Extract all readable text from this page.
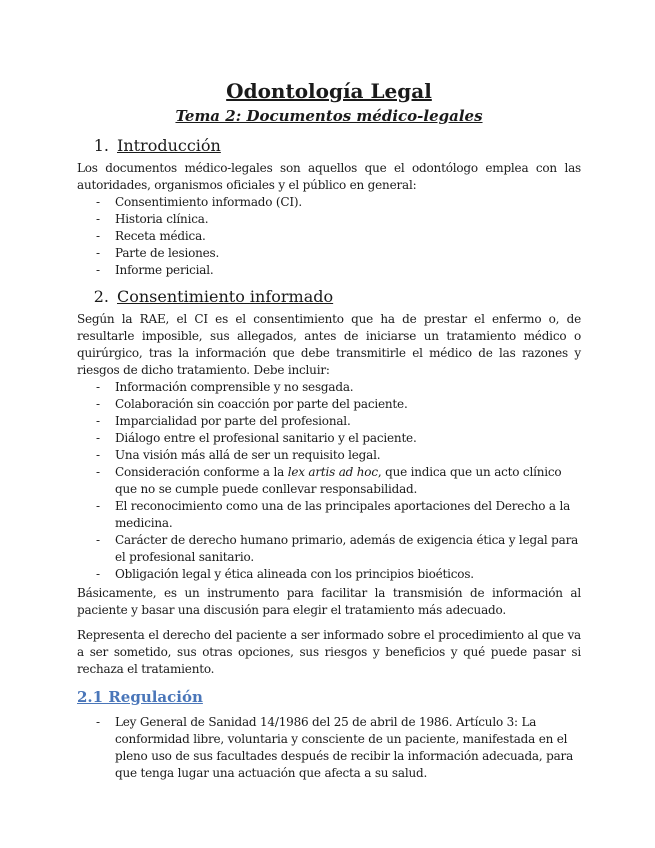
Odontología Legal
Tema 2: Documentos médico-legales
1. Introducción

Los documentos médico-legales son aquellos que el odontólogo emplea con las autoridades, organismos oficiales y el público en general:

- Consentimiento informado (CI).
- Historia clínica.
- Receta médica.
- Parte de lesiones.
- Informe pericial.
2. Consentimiento informado

Según la RAE, el CI es el consentimiento que ha de prestar el enfermo o, de resultarle imposible, sus allegados, antes de iniciarse un tratamiento médico o quirúrgico, tras la información que debe transmitirle el médico de las razones y riesgos de dicho tratamiento. Debe incluir:

- Información comprensible y no sesgada.
- Colaboración sin coacción por parte del paciente.
- Imparcialidad por parte del profesional.
- Diálogo entre el profesional sanitario y el paciente.
- Una visión más allá de ser un requisito legal.
- Consideración conforme a la lex artis ad hoc, que indica que un acto clínico que no se cumple puede conllevar responsabilidad.
- El reconocimiento como una de las principales aportaciones del Derecho a la medicina.
- Carácter de derecho humano primario, además de exigencia ética y legal para el profesional sanitario.
- Obligación legal y ética alineada con los principios bioéticos.

Básicamente, es un instrumento para facilitar la transmisión de información al paciente y basar una discusión para elegir el tratamiento más adecuado.

Representa el derecho del paciente a ser informado sobre el procedimiento al que va a ser sometido, sus otras opciones, sus riesgos y beneficios y qué puede pasar si rechaza el tratamiento.

2.1 Regulación
- Ley General de Sanidad 14/1986 del 25 de abril de 1986. Artículo 3: La conformidad libre, voluntaria y consciente de un paciente, manifestada en el pleno uso de sus facultades después de recibir la información adecuada, para que tenga lugar una actuación que afecta a su salud.
